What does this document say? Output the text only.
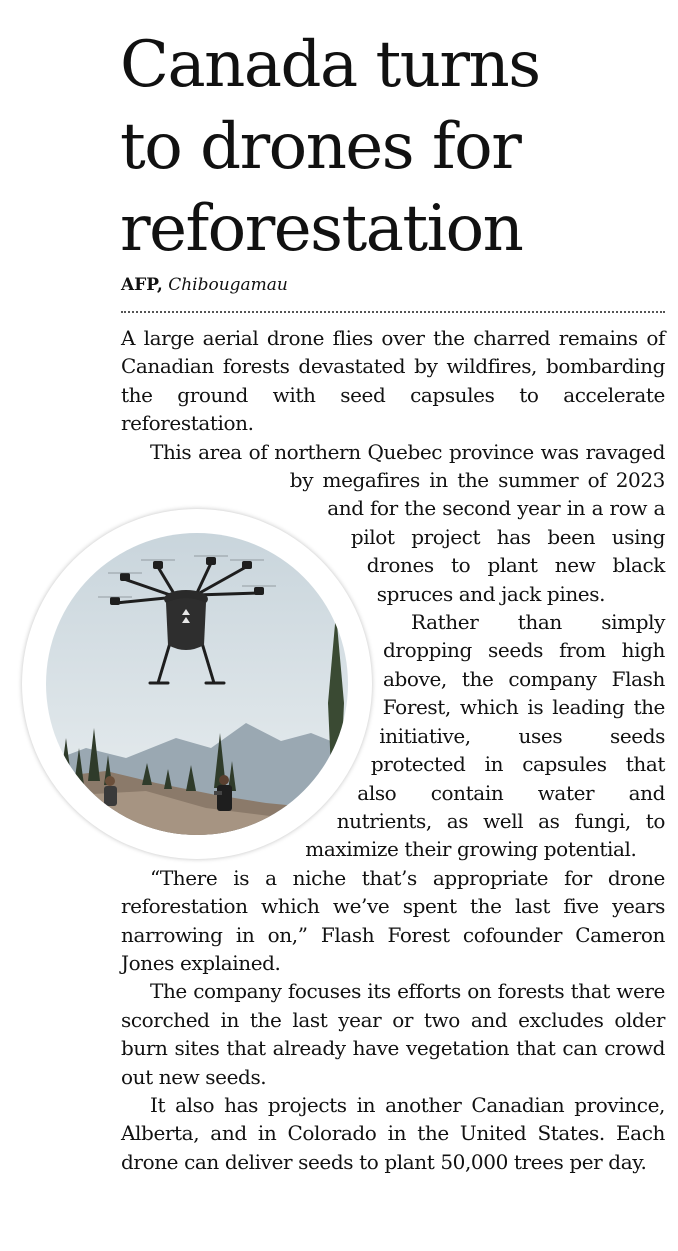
Canada turns
to drones for
reforestation
AFP, Chibougamau

A large aerial drone flies over the charred remains of Canadian forests devastated by wildfires, bombarding the ground with seed capsules to accelerate reforestation.

This area of northern Quebec province was ravaged by megafires in the summer of 2023 and for the second year in a row a pilot project has been using drones to plant new black spruces and jack pines.

Rather than simply dropping seeds from high above, the company Flash Forest, which is leading the initiative, uses seeds protected in capsules that also contain water and nutrients, as well as fungi, to maximize their growing potential.

“There is a niche that’s appropriate for drone reforestation which we’ve spent the last five years narrowing in on,” Flash Forest cofounder Cameron Jones explained.

The company focuses its efforts on forests that were scorched in the last year or two and excludes older burn sites that already have vegetation that can crowd out new seeds.

It also has projects in another Canadian province, Alberta, and in Colorado in the United States. Each drone can deliver seeds to plant 50,000 trees per day.
